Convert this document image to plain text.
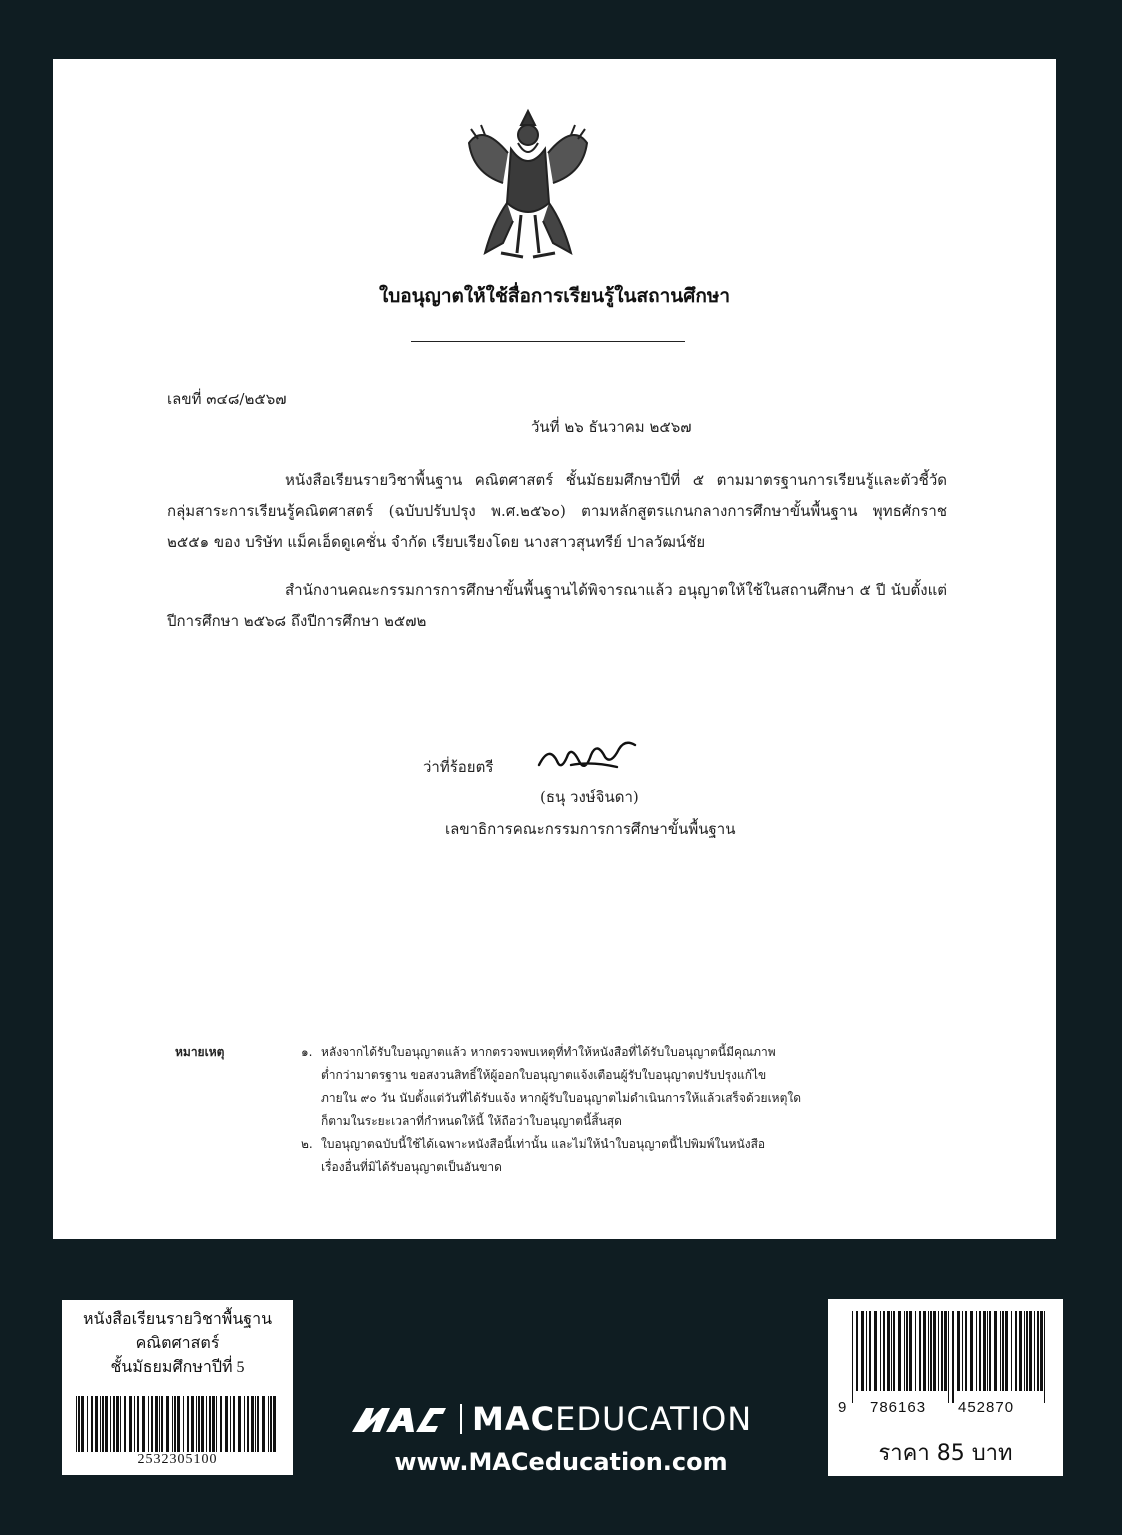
ใบอนุญาตให้ใช้สื่อการเรียนรู้ในสถานศึกษา
เลขที่ ๓๔๘/๒๕๖๗
วันที่ ๒๖ ธันวาคม ๒๕๖๗
หนังสือเรียนรายวิชาพื้นฐาน คณิตศาสตร์ ชั้นมัธยมศึกษาปีที่ ๕ ตามมาตรฐานการเรียนรู้และตัวชี้วัด กลุ่มสาระการเรียนรู้คณิตศาสตร์ (ฉบับปรับปรุง พ.ศ.๒๕๖๐) ตามหลักสูตรแกนกลางการศึกษาขั้นพื้นฐาน พุทธศักราช ๒๕๕๑ ของ บริษัท แม็คเอ็ดดูเคชั่น จำกัด เรียบเรียงโดย นางสาวสุนทรีย์ ปาลวัฒน์ชัย
สำนักงานคณะกรรมการการศึกษาขั้นพื้นฐานได้พิจารณาแล้ว อนุญาตให้ใช้ในสถานศึกษา ๕ ปี นับตั้งแต่ปีการศึกษา ๒๕๖๘ ถึงปีการศึกษา ๒๕๗๒
ว่าที่ร้อยตรี
(ธนุ วงษ์จินดา)
เลขาธิการคณะกรรมการการศึกษาขั้นพื้นฐาน
หมายเหตุ	๑. หลังจากได้รับใบอนุญาตแล้ว หากตรวจพบเหตุที่ทำให้หนังสือที่ได้รับใบอนุญาตนี้มีคุณภาพ
ต่ำกว่ามาตรฐาน ขอสงวนสิทธิ์ให้ผู้ออกใบอนุญาตแจ้งเตือนผู้รับใบอนุญาตปรับปรุงแก้ไข
ภายใน ๙๐ วัน นับตั้งแต่วันที่ได้รับแจ้ง หากผู้รับใบอนุญาตไม่ดำเนินการให้แล้วเสร็จด้วยเหตุใด
ก็ตามในระยะเวลาที่กำหนดให้นี้ ให้ถือว่าใบอนุญาตนี้สิ้นสุด
๒. ใบอนุญาตฉบับนี้ใช้ได้เฉพาะหนังสือนี้เท่านั้น และไม่ให้นำใบอนุญาตนี้ไปพิมพ์ในหนังสือ
เรื่องอื่นที่มิได้รับอนุญาตเป็นอันขาด
หนังสือเรียนรายวิชาพื้นฐาน
คณิตศาสตร์
ชั้นมัธยมศึกษาปีที่ 5
2532305100
MACEDUCATION
www.MACeducation.com
9 786163 452870
ราคา 85 บาท
